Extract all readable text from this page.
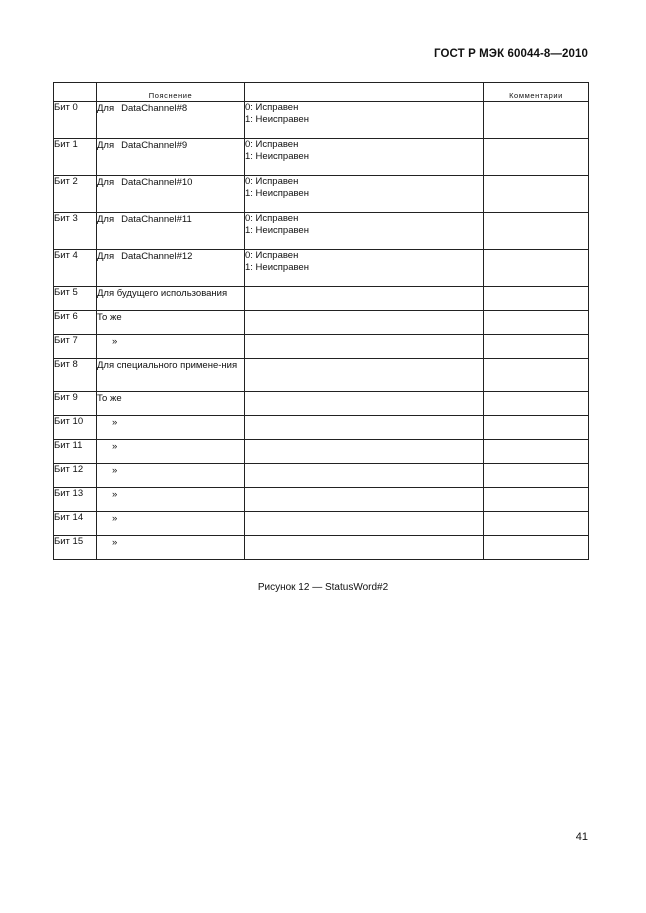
ГОСТ Р МЭК 60044-8—2010
	Пояснение		Комментарии
Бит 0	Для DataChannel#8	0: Исправен
1: Неисправен	

Бит 1	Для DataChannel#9	0: Исправен
1: Неисправен	

Бит 2	Для DataChannel#10	0: Исправен
1: Неисправен	

Бит 3	Для DataChannel#11	0: Исправен
1: Неисправен	

Бит 4	Для DataChannel#12	0: Исправен
1: Неисправен	

Бит 5	Для будущего использования		
Бит 6	То же		
Бит 7	»		
Бит 8	Для специального примене-ния		
Бит 9	То же		
Бит 10	»		
Бит 11	»		
Бит 12	»		
Бит 13	»		
Бит 14	»		
Бит 15	»		
Рисунок 12 — StatusWord#2
41
